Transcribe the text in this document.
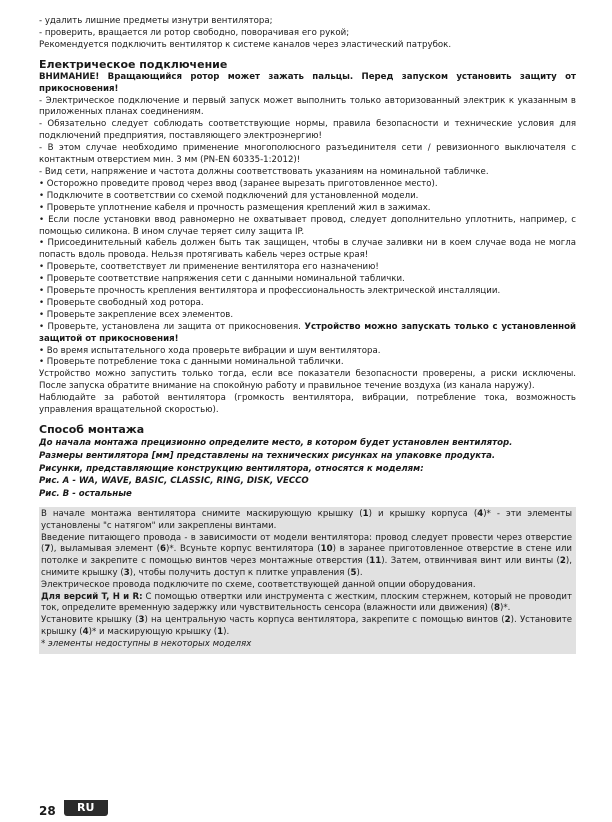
- удалить лишние предметы изнутри вентилятора;

- проверить, вращается ли ротор свободно, поворачивая его рукой;

Рекомендуется подключить вентилятор к системе каналов через эластический патрубок.

Електрическое подключение

ВНИМАНИЕ! Вращающийся ротор может зажать пальцы. Перед запуском установить защиту от прикосновения!

- Электрическое подключение и первый запуск может выполнить только авторизованный электрик к указанным в приложенных планах соединениям.

- Обязательно следует соблюдать соответствующие нормы, правила безопасности и технические условия для подключений предприятия, поставляющего электроэнергию!

- В этом случае необходимо применение многополюсного разъединителя сети / ревизионного выключателя с контактным отверстием мин. 3 мм (PN-EN 60335-1:2012)!

- Вид сети, напряжение и частота должны соответствовать указаниям на номинальной табличке.

• Осторожно проведите провод через ввод (заранее вырезать приготовленное место).

• Подключите в соответствии со схемой подключений для установленной модели.

• Проверьте уплотнение кабеля и прочность размещения креплений жил в зажимах.

• Если после установки ввод равномерно не охватывает провод, следует дополнительно уплотнить, например, с помощью силикона. В ином случае теряет силу защита IP.

• Присоединительный кабель должен быть так защищен, чтобы в случае заливки ни в коем случае вода не могла попасть вдоль провода. Нельзя протягивать кабель через острые края!

• Проверьте, соответствует ли применение вентилятора его назначению!

• Проверьте соответствие напряжения сети с данными номинальной таблички.

• Проверьте прочность крепления вентилятора и профессиональность электрической инсталляции.

• Проверьте свободный ход ротора.

• Проверьте закрепление всех элементов.

• Проверьте, установлена ли защита от прикосновения. Устройство можно запускать только с установленной защитой от прикосновения!

• Во время испытательного хода проверьте вибрации и шум вентилятора.

• Проверьте потребление тока с данными номинальной таблички.

Устройство можно запустить только тогда, если все показатели безопасности проверены, а риски исключены. После запуска обратите внимание на спокойную работу и правильное течение воздуха (из канала наружу).

Наблюдайте за работой вентилятора (громкость вентилятора, вибрации, потребление тока, возможность управления вращательной скоростью).

Способ монтажа

До начала монтажа прецизионно определите место, в котором будет установлен вентилятор.

Размеры вентилятора [мм] представлены на технических рисунках на упаковке продукта.

Рисунки, представляющие конструкцию вентилятора, относятся к моделям:

Рис. A - WA, WAVE, BASIC, CLASSIC, RING, DISK, VECCO

Рис. B - остальные

В начале монтажа вентилятора снимите маскирующую крышку (1) и крышку корпуса (4)* - эти элементы установлены "с натягом" или закреплены винтами.

Введение питающего провода - в зависимости от модели вентилятора: провод следует провести через отверстие (7), выламывая элемент (6)*. Всуньте корпус вентилятора (10) в заранее приготовленное отверстие в стене или потолке и закрепите с помощью винтов через монтажные отверстия (11). Затем, отвинчивая винт или винты (2), снимите крышку (3), чтобы получить доступ к плитке управления (5).

Электрическое провода подключите по схеме, соответствующей данной опции оборудования.

Для версий T, H и R: С помощью отвертки или инструмента с жестким, плоским стержнем, который не проводит ток, определите временную задержку или чувствительность сенсора (влажности или движения) (8)*.

Установите крышку (3) на центральную часть корпуса вентилятора, закрепите с помощью винтов (2). Установите крышку (4)* и маскирующую крышку (1).

* элементы недоступны в некоторых моделях

28	RU
